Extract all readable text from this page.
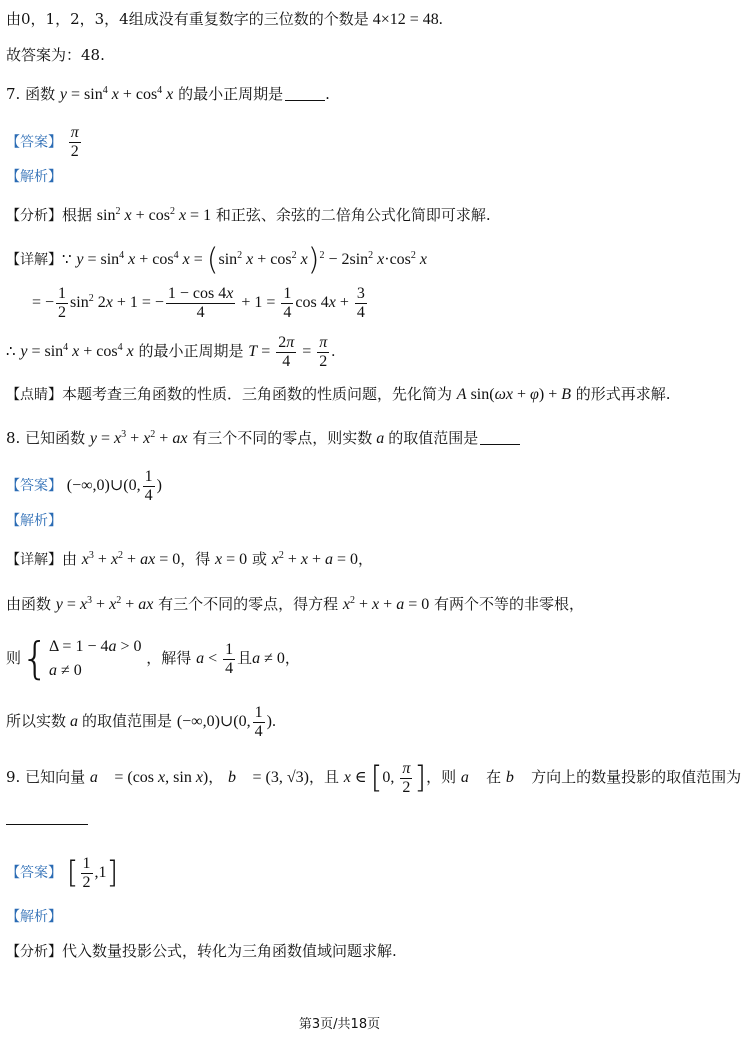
由0，1，2，3，4组成没有重复数字的三位数的个数是 4×12 = 48.
故答案为：48.
7. 函数 $y = \sin^4 x + \cos^4 x$ 的最小正周期是	.
【答案】 $\frac{\pi}{2}$
【解析】
【分析】根据 $\sin^2 x + \cos^2 x = 1$ 和正弦、余弦的二倍角公式化简即可求解.
【详解】∵ $y = \sin^4 x + \cos^4 x = (\sin^2$ $x + \cos^2 x)^2 - 2\sin^2$ $x\cdot\cos^2$ x
= − $\frac{1}{2} \sin^2 2x + 1$ = − $\frac{1 - \cos 4x}{4} + 1 = \frac{1}{4}$ $\cos 4x + \frac{3}{4}$
∴ $y = \sin^4 x + \cos^4 x$ 的最小正周期是 $T = \frac{2\pi}{4} = \frac{\pi}{2}$ .
【点睛】本题考查三角函数的性质．三角函数的性质问题，先化简为 A sin(ωx + φ) + B 的形式再求解.
8. 已知函数 $y = x^3 + x^2$ + ax 有三个不同的零点，则实数 a 的取值范围是
【答案】 (−∞,0)∪(0, $\frac{1}{4}$ )
【解析】
【详解】由 $x^3 + x^2$ + ax = 0，得 x = 0 或 $x^2 + x + a = 0$，
由函数 $y = x^3 + x^2$ + ax 有三个不同的零点，得方程 $x^2 + x + a = 0$ 有两个不等的非零根，
则{ Δ = 1 − 4a > 0
a ≠ 0
，解得 $a < \frac{1}{4}$ 且a ≠ 0，
所以实数 a 的取值范围是 (−∞,0)∪(0, $\frac{1}{4}$ ).
9. 已知向量 a⃗ = (cos x, sin x)， b⃗ = (3, √3)，且 x ∈ [0, $\frac{\pi}{2}$ ]，则 a⃗ 在 b⃗ 方向上的数量投影的取值范围为
【答案】 [ $\frac{1}{2} ,1$]
【解析】
【分析】代入数量投影公式，转化为三角函数值域问题求解.
第3页/共18页
